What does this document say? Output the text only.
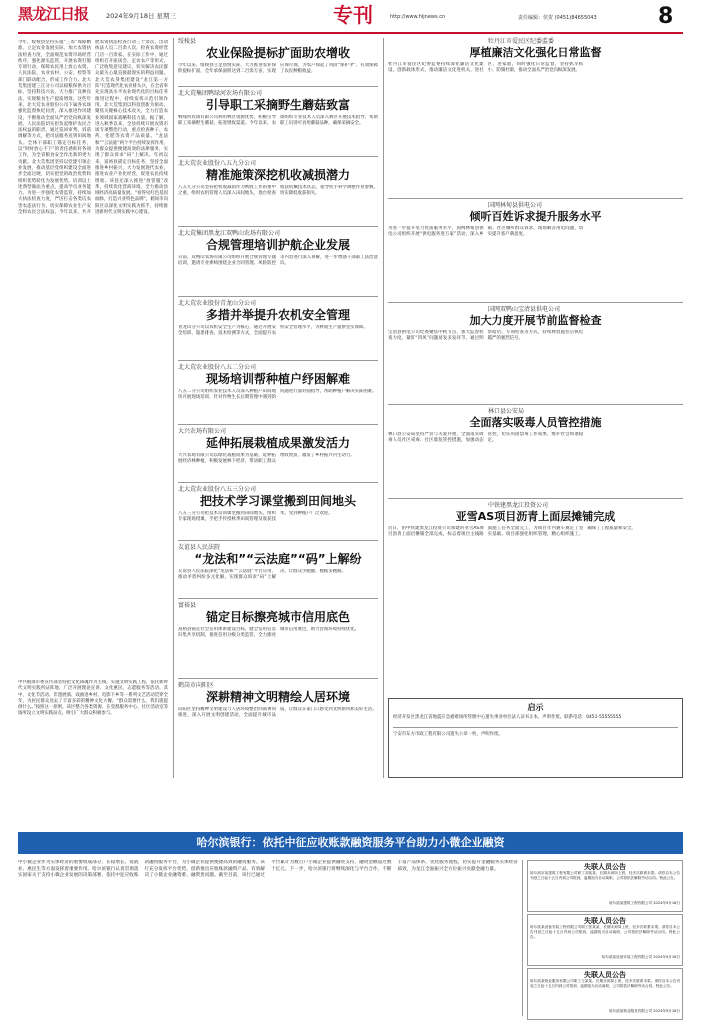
黑龙江日报	2024年9月18日 星期三	专刊	http://www.hljnews.cn	责任编辑：侯贺 (0451)84655043	8
今年，绥棱县坚持实施“三农”保障精准，立足农业发展实际，加大农资执法检查力度，全面规范农资市场经营秩序，强化源头监管，开展农资打假专项行动，保障农民用上放心农资。人民法院、农业农村、公安、检察等部门联动配合，形成工作合力。北大荒集团建三江分公司以稳粮保供为目标，坚持科技兴农，大力推广良种良法，实现粮食生产提质增效。这些年来，北大荒农业股份公司下属各农场强化监督执纪问责，深入推进作风建设，不断推动全面从严治党向纵深发展。人民法院切实担负起维护农民合法权益的职责，通过巡回审判、诉前调解等方式，把司法服务送到田间地头。全体干部职工锚定目标任务，以“时时放心不下”的责任感抓好各项工作，为全省粮食安全作出新的更大贡献。北大荒集团坚持以党建引领企业发展，推动基层党组织建设全面进步全面过硬，切实把党的政治优势和组织优势转化为发展优势。培训以上述典型做法为重点，提高学员业务能力。为进一步强化农资监管，持续加大执法检查力度，严厉打击各类坑农害农违法行为，切实保障农业生产安全和农民合法权益。今年以来，共开展农资执法检查行动三十余次，出动执法人员二百余人次，检查农资经营门店一百余家。在实际工作中，通过组织召开座谈会、走访农户等形式，广泛收集意见建议，切实解决农民群众最关心最直接最现实的利益问题。北大荒农垦集团建设“龙江第一方阵”打造现代化农业排头兵，在全省率先实现高水平农业现代化的目标任务推进过程中，持续发挥示范引领作用。北大荒集团以科技创新为驱动，聚焦关键核心技术攻关，全力打造农业领域国家战略科技力量。据了解，进入秋季以来，全县持续开展农资市场专项整治行动，重点检查种子、农药、化肥等农资产品质量。“龙法和”“云法庭”两个平台持续发挥作用，为群众提供便捷高效的法律服务，实现了群众诉求“码”上解决。年初以来，富裕县锚定目标任务，坚持全面推进乡村振兴，大力发展现代农业，推进农业产业化经营，促进农民持续增收。该县还深入推进“放管服”改革，持续优化营商环境，全力推动县域经济高质量发展。“看得见红色基因血脉，打造兴业特色品牌”，鹤岗市向阳区以深化文明实践为抓手，持续推进新时代文明实践中心建设。
中共鹤岗市委宣传部坚持把文化铸魂作为主线，实施文明实践工程，依托新时代文明实践所站阵地，广泛开展理论宣讲、文化惠民、志愿服务等活动。其中，文化节活动、非遗展演、戏曲进乡村、电影下乡等一系列文艺活动贯穿全年，为居民群众送去了丰富多彩的精神文化大餐。“群众需要什么，我们就提供什么。”按照这一原则，该区整合各类资源，在党群服务中心、社区活动室等场所设立文明实践站点，吸引广大群众积极参与。
绥棱县
农业保险提标扩面助农增收
今年以来，绥棱县立足县情实际，大力推进农业保险提标扩面，全年承保面积达到二百余万亩，实现应保尽保，为农户撑起了风险“保护伞”，有效保障了农民种粮收益。
北大荒集团鸭绿河农场有限公司
引导职工采摘野生蘑菇致富
鸭绿河农场有限公司利用林区资源优势，积极引导职工采摘野生蘑菇，拓宽增收渠道。今年以来，农场组织专业技术人员深入林区开展技术指导，帮助职工识别可食用蘑菇品种，确保采摘安全。
北大荒农业股份八五九分公司
精准施策深挖机收减损潜力
八五九分公司坚持把机收减损作为秋收工作的重中之重，组织农机管理人员深入田间地头，逐台检查收获机械技术状态，指导机手科学调整作业参数，切实降低收获损失。
北大荒集团黑龙江双鸭山农场有限公司
合规管理培训护航企业发展
日前，双鸭山农场有限公司组织开展合规管理专题培训，邀请专业律师围绕企业合同管理、风险防控等内容进行深入讲解，进一步增强干部职工法治意识。
北大荒农业股份青龙山分公司
多措并举提升农机安全管理
青龙山分公司以农机安全生产为核心，通过开展安全培训、隐患排查、技术检测等方式，全面提升农机安全管理水平，为秋收生产提供坚实保障。
北大荒农业股份八五二分公司
现场培训帮种植户纾困解难
八五二分公司组织农业技术人员深入种植户田间地块开展现场培训，针对作物生长后期管理中遇到的问题进行面对面指导，帮助种植户解决实际困难。
大兴农场有限公司
延伸拓展栽植成果激发活力
大兴农场有限公司以绿化栽植成果为基础，延伸拓展经济林种植，积极发展林下经济，带动职工群众增收致富，激发了乡村振兴内生动力。
北大荒农业股份八五三分公司
把技术学习课堂搬到田间地头
八五三分公司把技术培训课堂搬到田间地头，组织专家现场授课，手把手传授秋季田间管理及收获技术，受到种植户广泛欢迎。
友谊县人民法院
“龙法和”“云法庭”“码”上解纷
友谊县人民法院深化“龙法和”“云法庭”平台应用，推动矛盾纠纷多元化解，实现群众诉求“码”上解决，让群众少跑腿、数据多跑路。
富裕县
锚定目标擦亮城市信用底色
富裕县锚定社会信用体系建设目标，健全信用信息归集共享机制，推进信用分级分类监管，全力擦亮城市信用底色，助力营商环境持续优化。
鹤岗市向阳区
深耕精神文明精绘人居环境
向阳区坚持精神文明建设与人居环境整治同部署同推进，深入开展文明创建活动，全面提升城市品质，让群众在家门口感受到文明新风和美好生活。
牡丹江市爱民区纪委监委
厚植廉洁文化强化日常监督
牡丹江市爱民区纪委监委持续深化廉洁文化建设，创新载体形式，推动廉洁文化进机关、进社区、进家庭，同时强化日常监督，坚持抓早抓小、防微杜渐，推动全面从严治党向纵深发展。
国网林甸县供电公司
倾听百姓诉求提升服务水平
为进一步提升电力优质服务水平，国网林甸县供电公司组织开展“供电服务进万家”活动，深入乡镇、社区倾听群众诉求，现场解答用电问题，切实提升客户满意度。
国网双鸭山宝清县供电公司
加大力度开展节前监督检查
宝清县供电公司纪委聚焦中秋节点，加大监督检查力度，紧盯“四风”问题易发多发环节，通过明察暗访、专项检查等方式，持续释放越往后执纪越严的强烈信号。
林口县公安局
全面落实吸毒人员管控措施
林口县公安局坚持严管与关爱并重，全面落实吸毒人员社区戒毒、社区康复管控措施，加强动态管控，切实巩固禁毒工作成果，维护社会和谐稳定。
中铁建黑龙江投资公司
亚雪AS项目沥青上面层摊铺完成
近日，由中铁建黑龙江投资公司承建的亚雪AS项目沥青上面层摊铺全部完成，标志着项目主线路面施工任务全面完工，为项目年内通车奠定了坚实基础。项目部强化组织管理，精心组织施工，确保了工程质量和安全。
启示
经济开发区黑龙江省地震应急避难场所管理中心遗失事业单位法人证书正本，声明作废。联系电话：0451-55555555
宁安市东方市政工程有限公司遗失公章一枚，声明作废。
哈尔滨银行：依托中征应收账款融资服务平台助力小微企业融资
中小微企业作为实体经济的重要组成部分，在稳增长、促就业、惠民生等方面发挥着重要作用。哈尔滨银行认真贯彻落实国家关于支持小微企业发展的决策部署，依托中征应收账款融资服务平台，为小微企业提供便捷高效的融资服务。该行充分发挥平台优势，创新推出应收账款融资产品，有效解决了小微企业融资难、融资贵问题。截至目前，该行已通过平台累计为数百户小微企业提供融资支持，融资金额超过数十亿元。下一步，哈尔滨银行将继续深化与平台合作，不断丰富产品体系，优化服务流程，切实提升金融服务实体经济质效，为龙江全面振兴全方位振兴贡献金融力量。	失联人员公告
哈尔滨市某建筑工程有限公司职工刘某某，长期未到岗上班，经多次联系未果。请你自本公告刊登之日起十五日内到公司报到，逾期视为自动离职，公司将依法解除劳动合同。特此公告。
哈尔滨某建筑工程有限公司 2024年9月18日
失联人员公告
哈尔滨某设备安装工程有限公司职工张某某，长期未到岗上班，经多次联系未果。请你自本公告刊登之日起十五日内到公司报到，逾期视为自动离职，公司将依法解除劳动合同。特此公告。
哈尔滨某设备安装工程有限公司 2024年9月18日
失联人员公告
哈尔滨某物业服务有限公司职工王某某，长期未到岗上班，经多次联系未果。请你自本公告刊登之日起十五日内到公司报到，逾期视为自动离职，公司将依法解除劳动合同。特此公告。
哈尔滨某物业服务有限公司 2024年9月18日
